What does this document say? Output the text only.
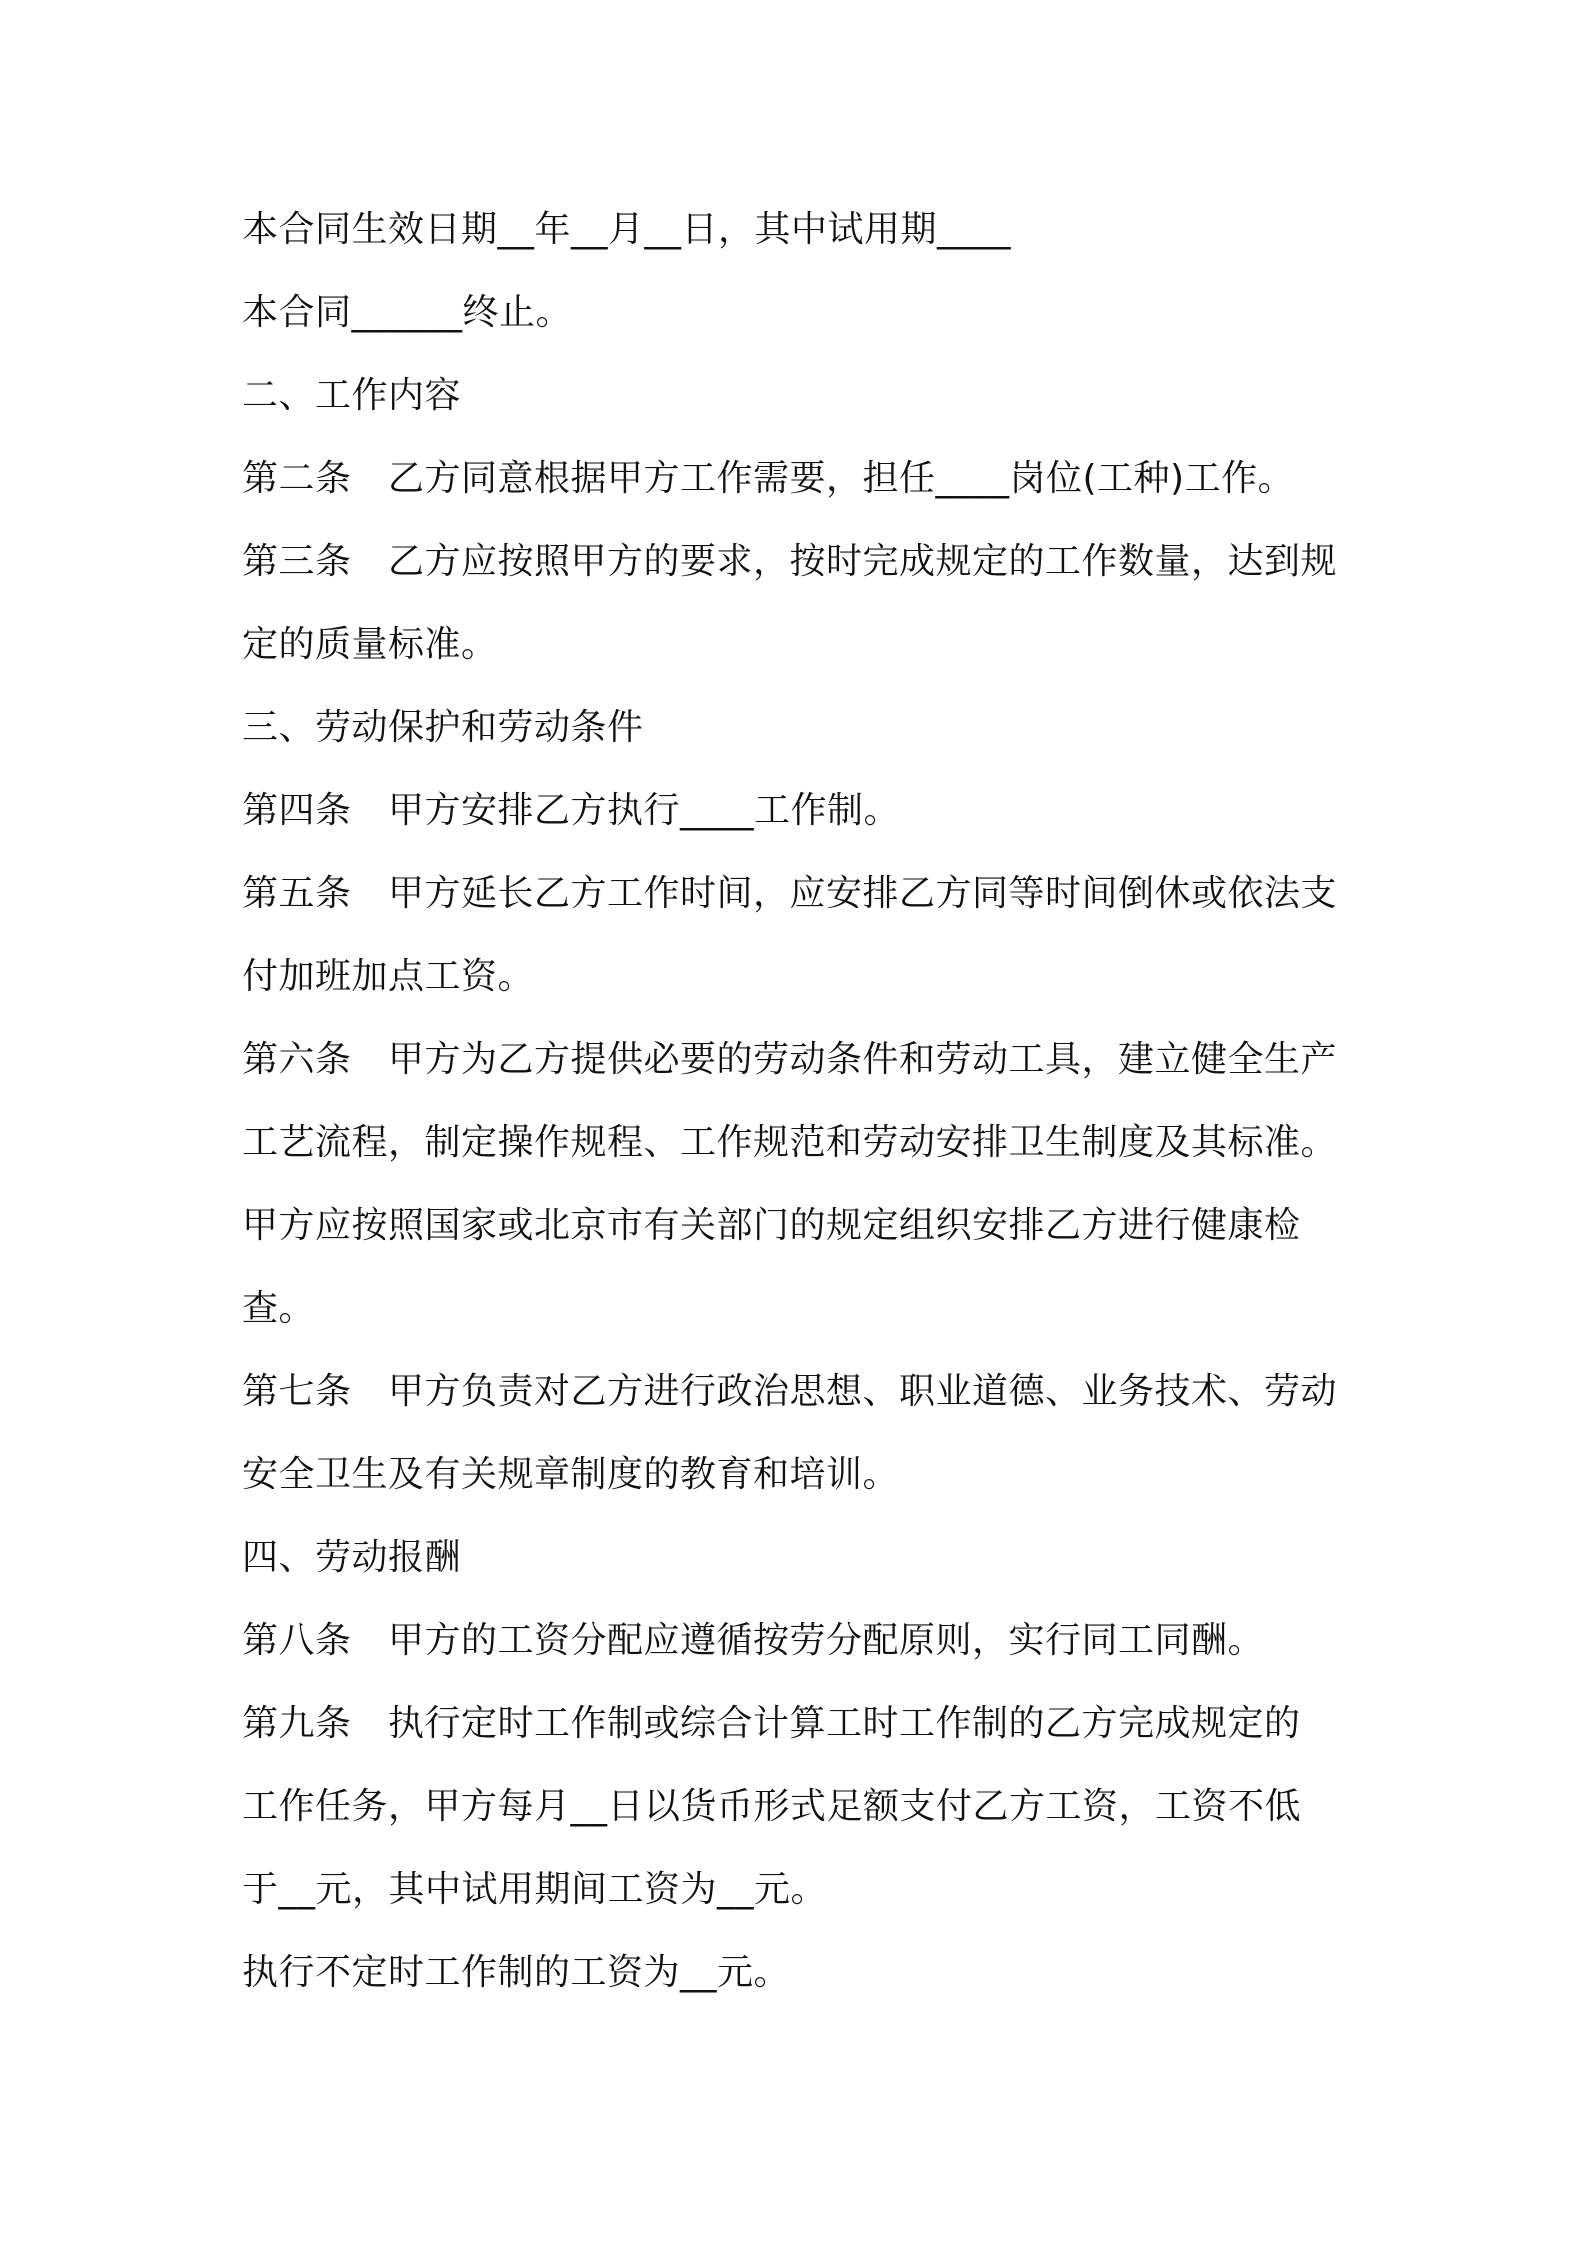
本合同生效日期__年__月__日，其中试用期____
本合同______终止。
二、工作内容
第二条　乙方同意根据甲方工作需要，担任____岗位(工种)工作。
第三条　乙方应按照甲方的要求，按时完成规定的工作数量，达到规
定的质量标准。
三、劳动保护和劳动条件
第四条　甲方安排乙方执行____工作制。
第五条　甲方延长乙方工作时间，应安排乙方同等时间倒休或依法支
付加班加点工资。
第六条　甲方为乙方提供必要的劳动条件和劳动工具，建立健全生产
工艺流程，制定操作规程、工作规范和劳动安排卫生制度及其标准。
甲方应按照国家或北京市有关部门的规定组织安排乙方进行健康检
查。
第七条　甲方负责对乙方进行政治思想、职业道德、业务技术、劳动
安全卫生及有关规章制度的教育和培训。
四、劳动报酬
第八条　甲方的工资分配应遵循按劳分配原则，实行同工同酬。
第九条　执行定时工作制或综合计算工时工作制的乙方完成规定的
工作任务，甲方每月__日以货币形式足额支付乙方工资，工资不低
于__元，其中试用期间工资为__元。
执行不定时工作制的工资为__元。
